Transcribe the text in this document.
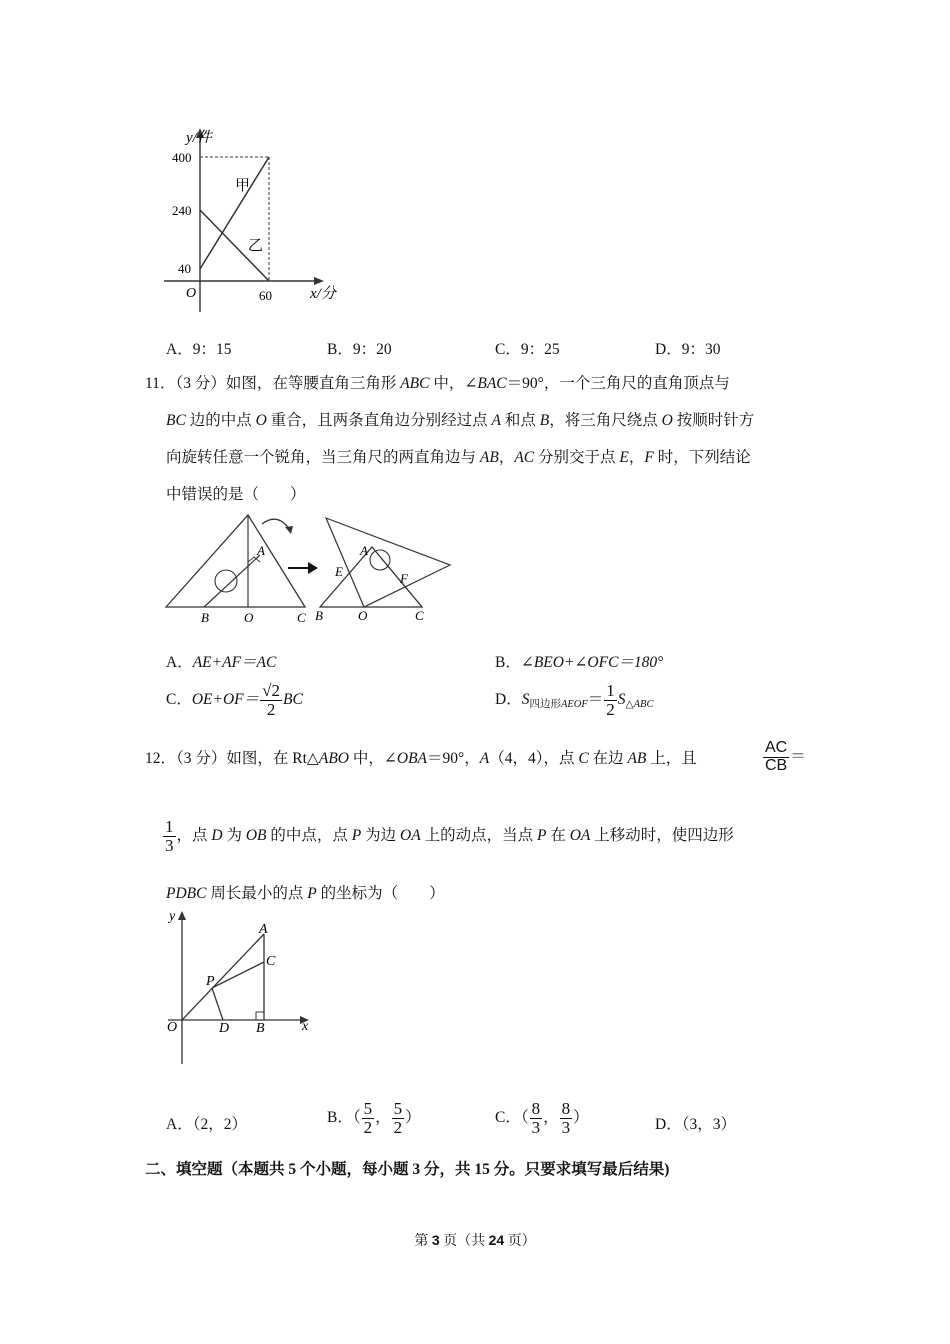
y/件
400
240
40
O	60	x/分
甲
乙
A．9：15	B．9：20	C．9：25	D．9：30
11．（3 分）如图，在等腰直角三角形 ABC 中，∠BAC＝90°，一个三角尺的直角顶点与
BC 边的中点 O 重合，且两条直角边分别经过点 A 和点 B，将三角尺绕点 O 按顺时针方
向旋转任意一个锐角，当三角尺的两直角边与 AB，AC 分别交于点 E，F 时，下列结论
中错误的是（　　）
A
B	O	C
A
E	F
B	O	C
A．AE+AF＝AC	B．∠BEO+∠OFC＝180°
C．$OE+OF= \frac{√2}{2}$ BC	D．$S_{四边形AEOF}= \frac{1}{2} S_{\triangle ABC}$
12．（3 分）如图，在 Rt△ABO 中，∠OBA＝90°，A（4，4），点 C 在边 AB 上，且	$\frac{AC}{CB}$ ＝
$\frac{1}{3}$ ，点 D 为 OB 的中点，点 P 为边 OA 上的动点，当点 P 在 OA 上移动时，使四边形
PDBC 周长最小的点 P 的坐标为（　　）
y
x
O
A
C
P
D B
A．（2，2）	B．（ $\frac{5}{2}$ ， $\frac{5}{2}$ ）	C．（ $\frac{8}{3}$ ， $\frac{8}{3}$ ）	D．（3，3）
二、填空题（本题共 5 个小题，每小题 3 分，共 15 分。只要求填写最后结果)
第 3 页（共 24 页）
